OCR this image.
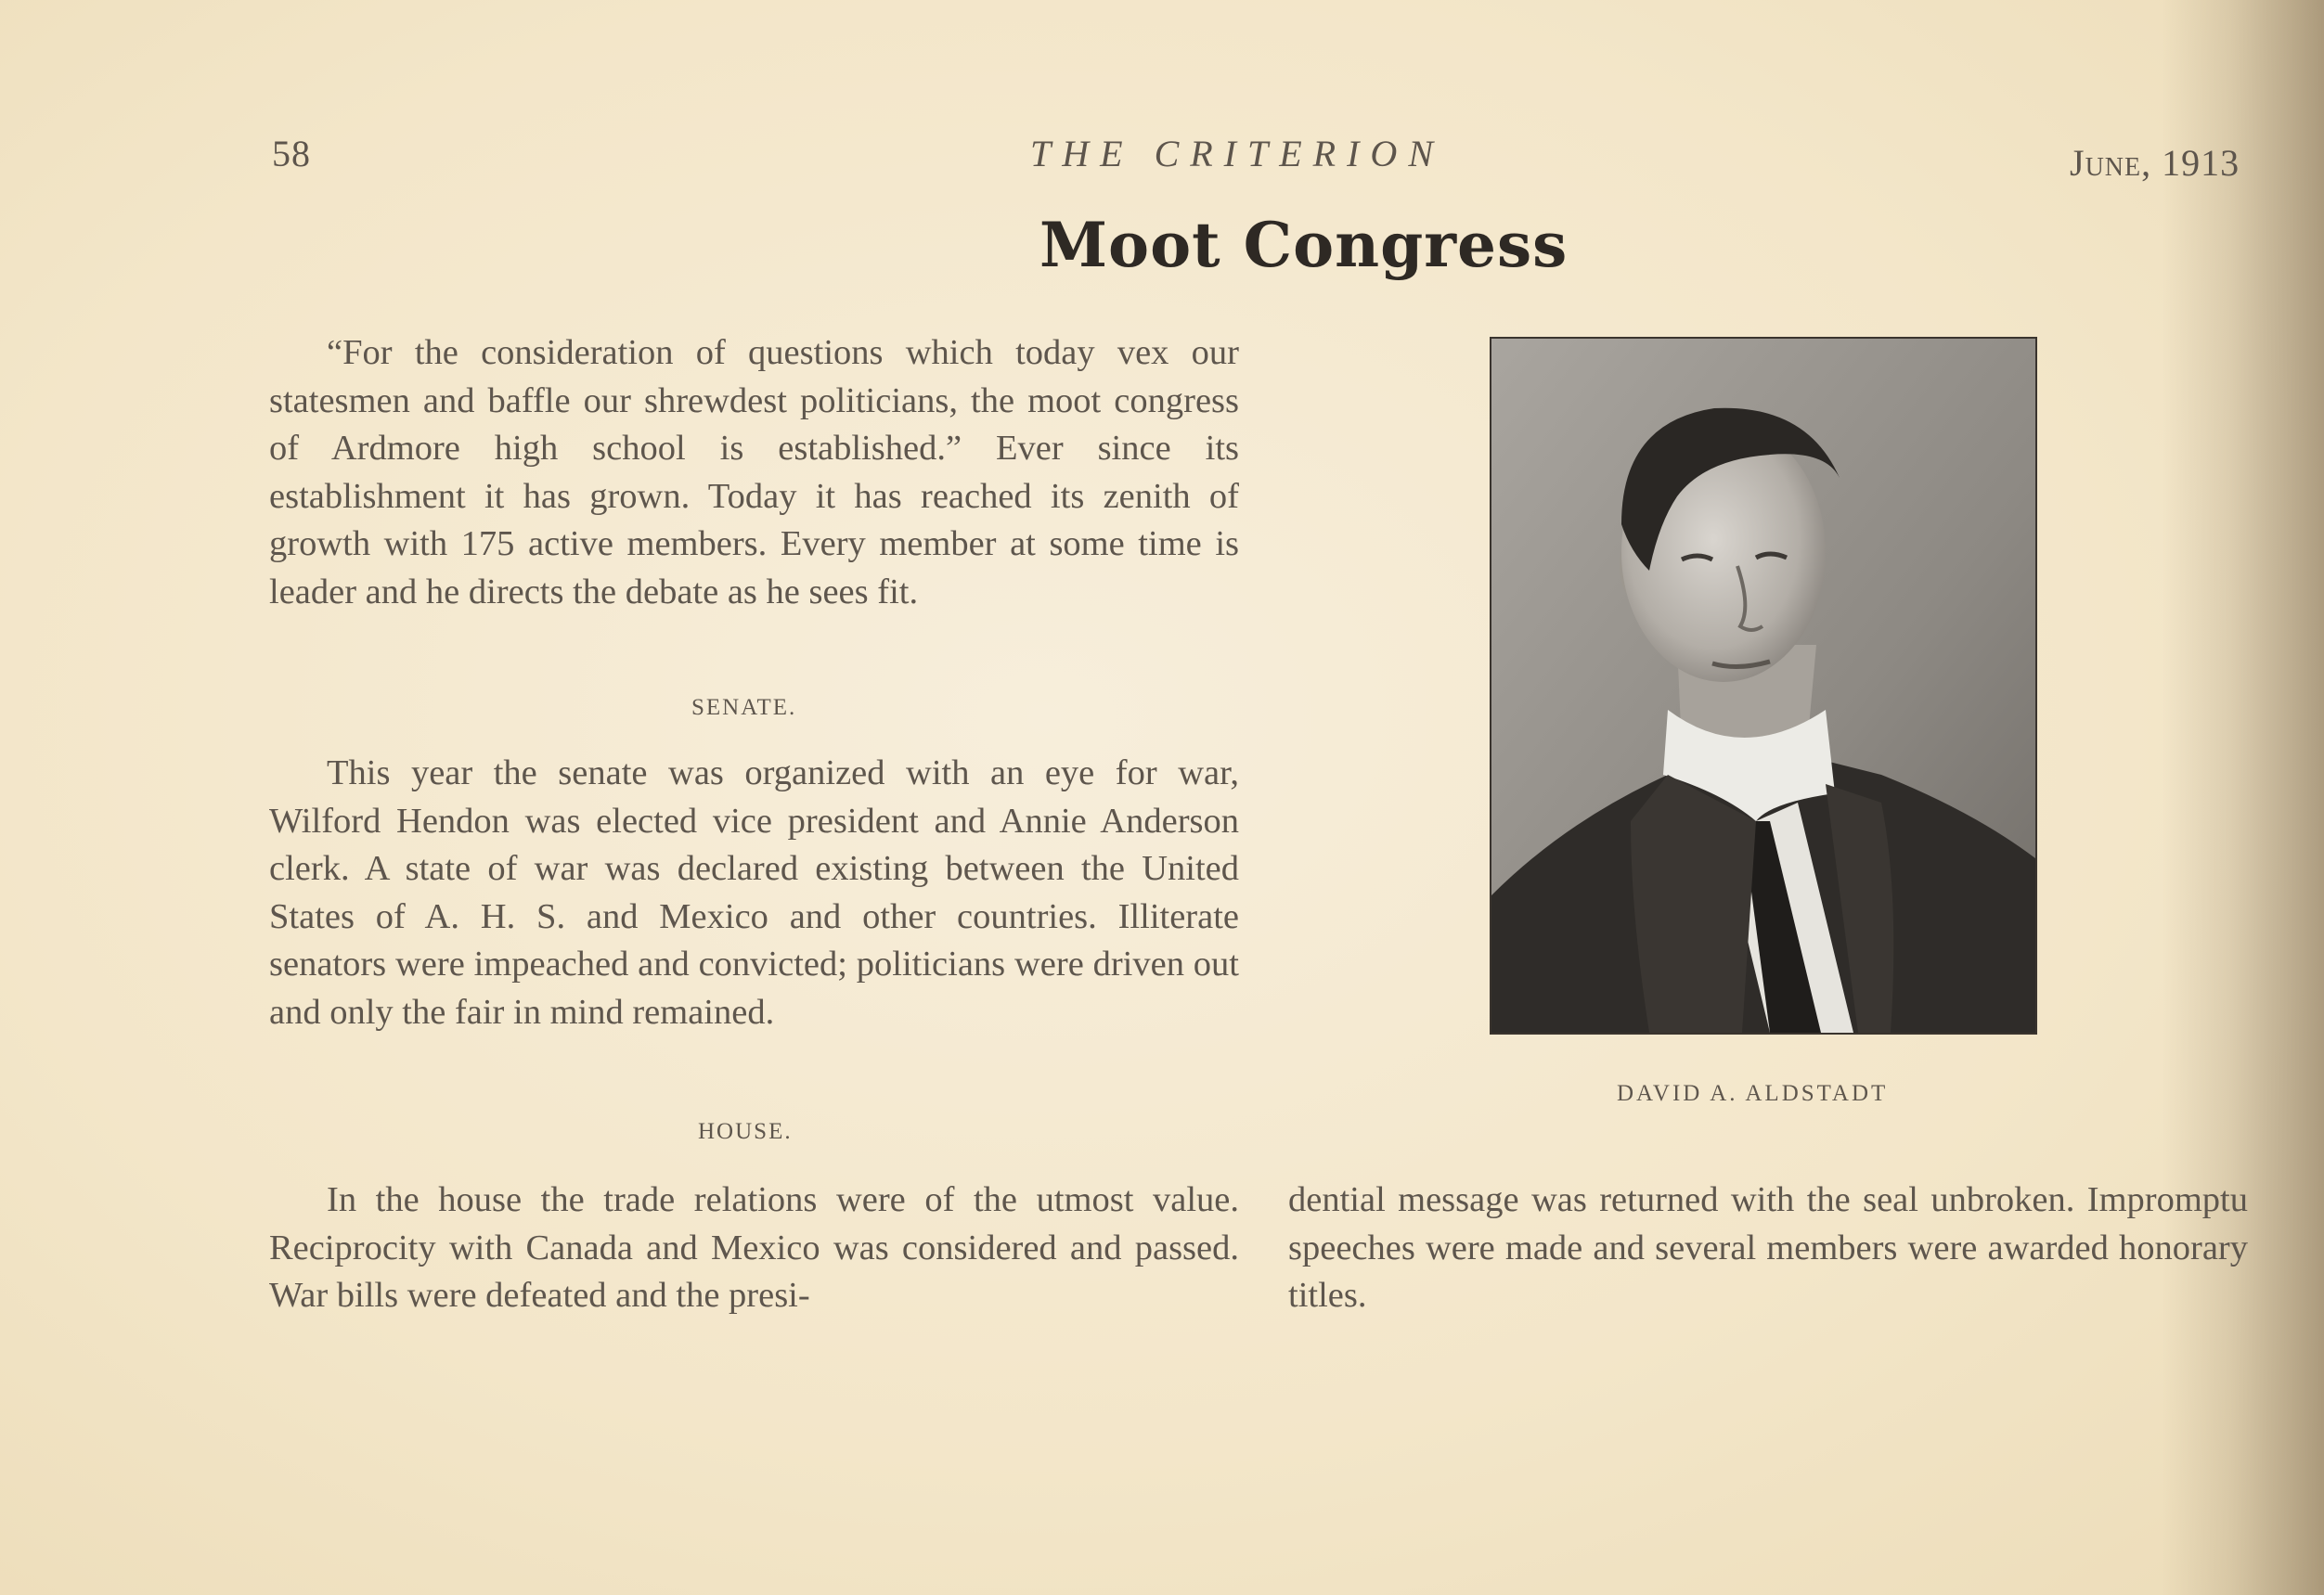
58	THE CRITERION	June, 1913
Moot Congress

“For the consideration of questions which today vex our statesmen and baffle our shrewdest politicians, the moot congress of Ardmore high school is established.” Ever since its establishment it has grown. Today it has reached its zenith of growth with 175 active members. Every member at some time is leader and he directs the debate as he sees fit.

SENATE.

This year the senate was organized with an eye for war, Wilford Hendon was elected vice president and Annie Anderson clerk. A state of war was declared existing between the United States of A. H. S. and Mexico and other countries. Illiterate senators were impeached and convicted; politicians were driven out and only the fair in mind remained.

HOUSE.

In the house the trade relations were of the utmost value. Reciprocity with Canada and Mexico was considered and passed. War bills were defeated and the presi-

dential message was returned with the seal unbroken. Impromptu speeches were made and several members were awarded honorary titles.

DAVID A. ALDSTADT
